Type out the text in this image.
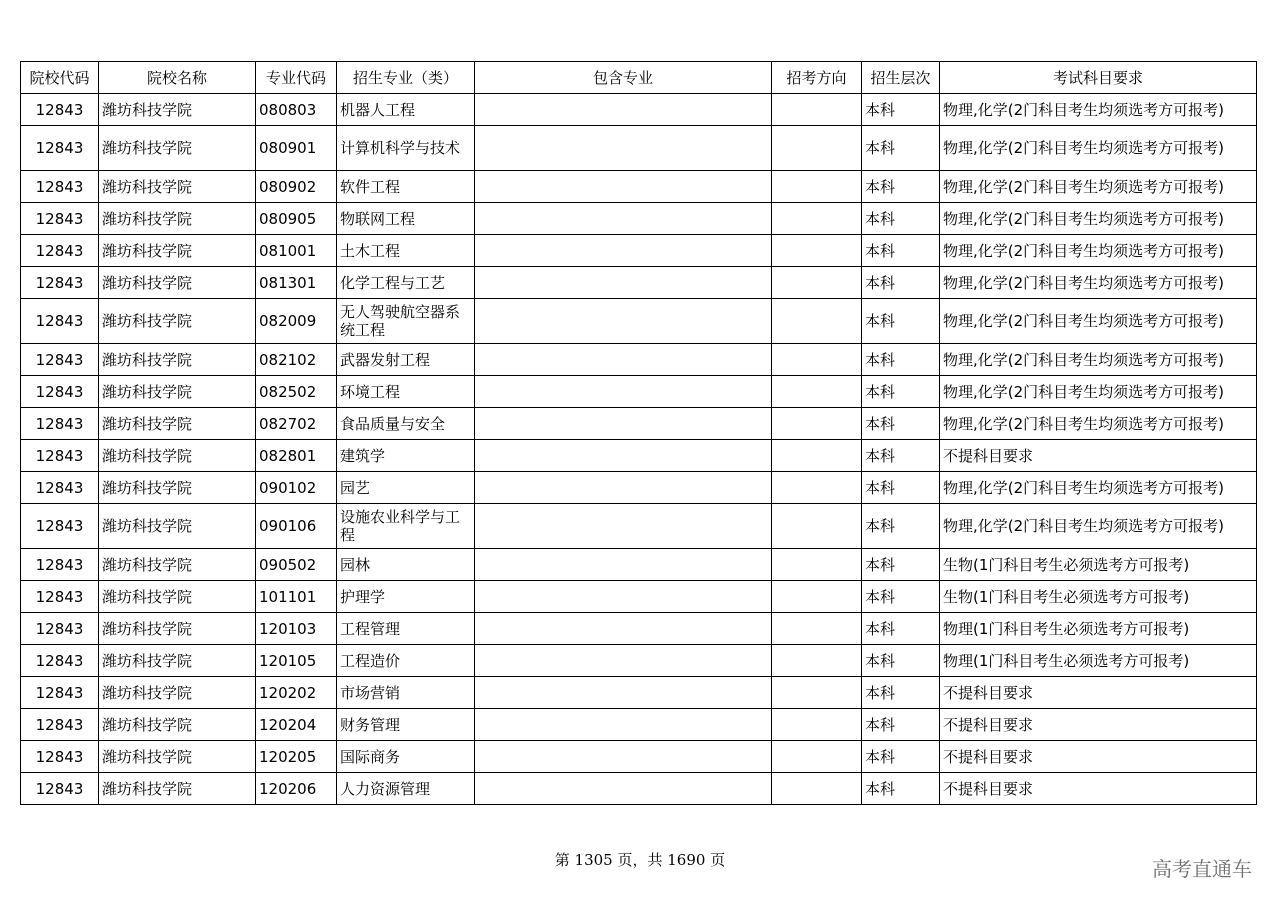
院校代码	院校名称	专业代码	招生专业（类）	包含专业	招考方向	招生层次	考试科目要求
12843	潍坊科技学院	080803	机器人工程			本科	物理,化学(2门科目考生均须选考方可报考)
12843	潍坊科技学院	080901	计算机科学与技术			本科	物理,化学(2门科目考生均须选考方可报考)
12843	潍坊科技学院	080902	软件工程			本科	物理,化学(2门科目考生均须选考方可报考)
12843	潍坊科技学院	080905	物联网工程			本科	物理,化学(2门科目考生均须选考方可报考)
12843	潍坊科技学院	081001	土木工程			本科	物理,化学(2门科目考生均须选考方可报考)
12843	潍坊科技学院	081301	化学工程与工艺			本科	物理,化学(2门科目考生均须选考方可报考)
12843	潍坊科技学院	082009	无人驾驶航空器系统工程			本科	物理,化学(2门科目考生均须选考方可报考)
12843	潍坊科技学院	082102	武器发射工程			本科	物理,化学(2门科目考生均须选考方可报考)
12843	潍坊科技学院	082502	环境工程			本科	物理,化学(2门科目考生均须选考方可报考)
12843	潍坊科技学院	082702	食品质量与安全			本科	物理,化学(2门科目考生均须选考方可报考)
12843	潍坊科技学院	082801	建筑学			本科	不提科目要求
12843	潍坊科技学院	090102	园艺			本科	物理,化学(2门科目考生均须选考方可报考)
12843	潍坊科技学院	090106	设施农业科学与工程			本科	物理,化学(2门科目考生均须选考方可报考)
12843	潍坊科技学院	090502	园林			本科	生物(1门科目考生必须选考方可报考)
12843	潍坊科技学院	101101	护理学			本科	生物(1门科目考生必须选考方可报考)
12843	潍坊科技学院	120103	工程管理			本科	物理(1门科目考生必须选考方可报考)
12843	潍坊科技学院	120105	工程造价			本科	物理(1门科目考生必须选考方可报考)
12843	潍坊科技学院	120202	市场营销			本科	不提科目要求
12843	潍坊科技学院	120204	财务管理			本科	不提科目要求
12843	潍坊科技学院	120205	国际商务			本科	不提科目要求
12843	潍坊科技学院	120206	人力资源管理			本科	不提科目要求
第 1305 页，共 1690 页	高考直通车
